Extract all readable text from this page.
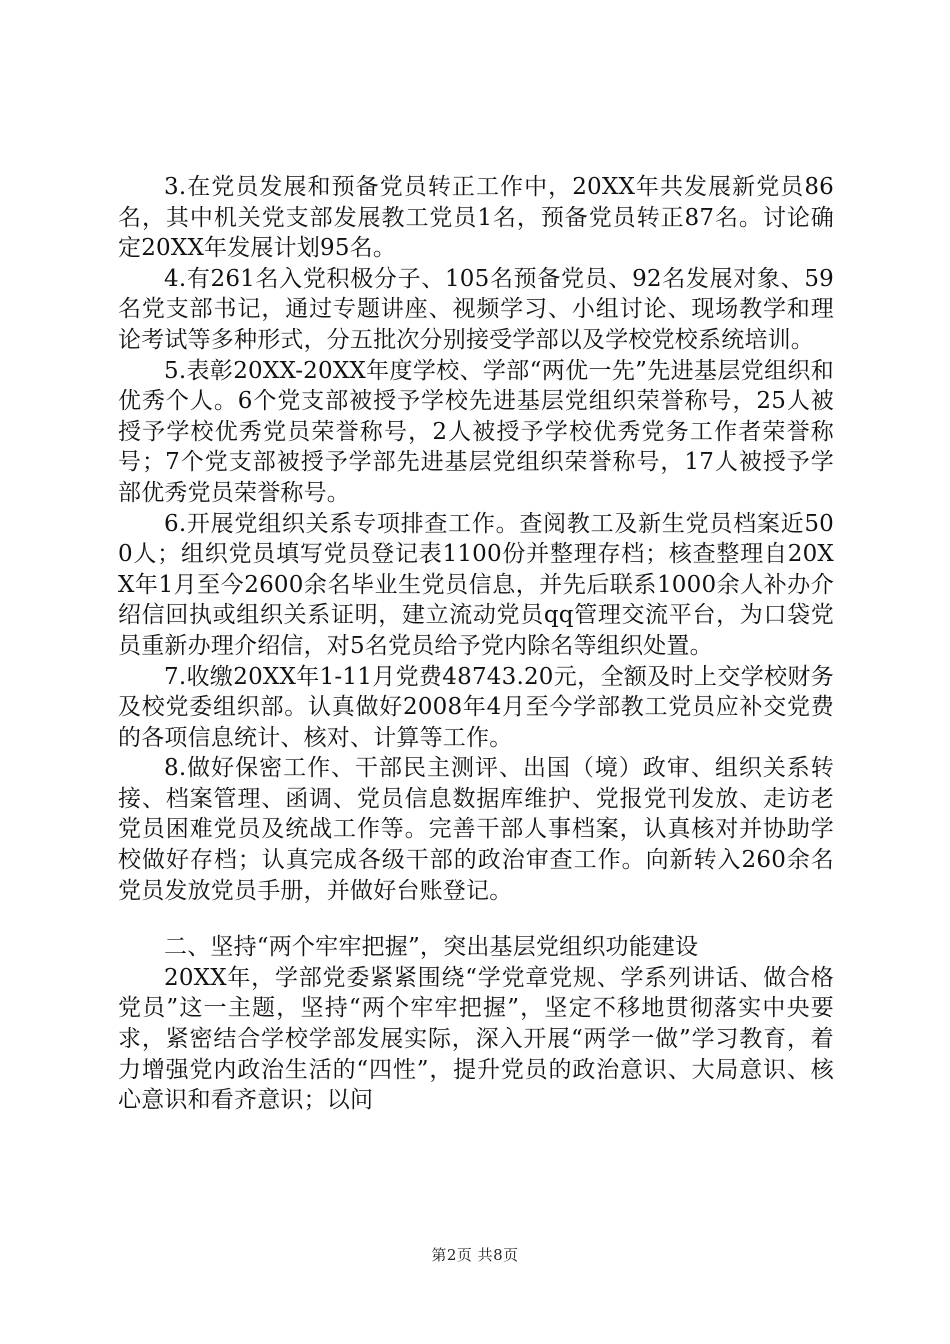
3.在党员发展和预备党员转正工作中，20XX年共发展新党员86名，其中机关党支部发展教工党员1名，预备党员转正87名。讨论确定20XX年发展计划95名。

4.有261名入党积极分子、105名预备党员、92名发展对象、59名党支部书记，通过专题讲座、视频学习、小组讨论、现场教学和理论考试等多种形式，分五批次分别接受学部以及学校党校系统培训。

5.表彰20XX-20XX年度学校、学部“两优一先”先进基层党组织和优秀个人。6个党支部被授予学校先进基层党组织荣誉称号，25人被授予学校优秀党员荣誉称号，2人被授予学校优秀党务工作者荣誉称号；7个党支部被授予学部先进基层党组织荣誉称号，17人被授予学部优秀党员荣誉称号。

6.开展党组织关系专项排查工作。查阅教工及新生党员档案近500人；组织党员填写党员登记表1100份并整理存档；核查整理自20XX年1月至今2600余名毕业生党员信息，并先后联系1000余人补办介绍信回执或组织关系证明，建立流动党员qq管理交流平台，为口袋党员重新办理介绍信，对5名党员给予党内除名等组织处置。

7.收缴20XX年1-11月党费48743.20元，全额及时上交学校财务及校党委组织部。认真做好2008年4月至今学部教工党员应补交党费的各项信息统计、核对、计算等工作。

8.做好保密工作、干部民主测评、出国（境）政审、组织关系转接、档案管理、函调、党员信息数据库维护、党报党刊发放、走访老党员困难党员及统战工作等。完善干部人事档案，认真核对并协助学校做好存档；认真完成各级干部的政治审查工作。向新转入260余名党员发放党员手册，并做好台账登记。

二、坚持“两个牢牢把握”，突出基层党组织功能建设

20XX年，学部党委紧紧围绕“学党章党规、学系列讲话、做合格党员”这一主题，坚持“两个牢牢把握”，坚定不移地贯彻落实中央要求，紧密结合学校学部发展实际，深入开展“两学一做”学习教育，着力增强党内政治生活的“四性”，提升党员的政治意识、大局意识、核心意识和看齐意识；以问

第2页 共8页
